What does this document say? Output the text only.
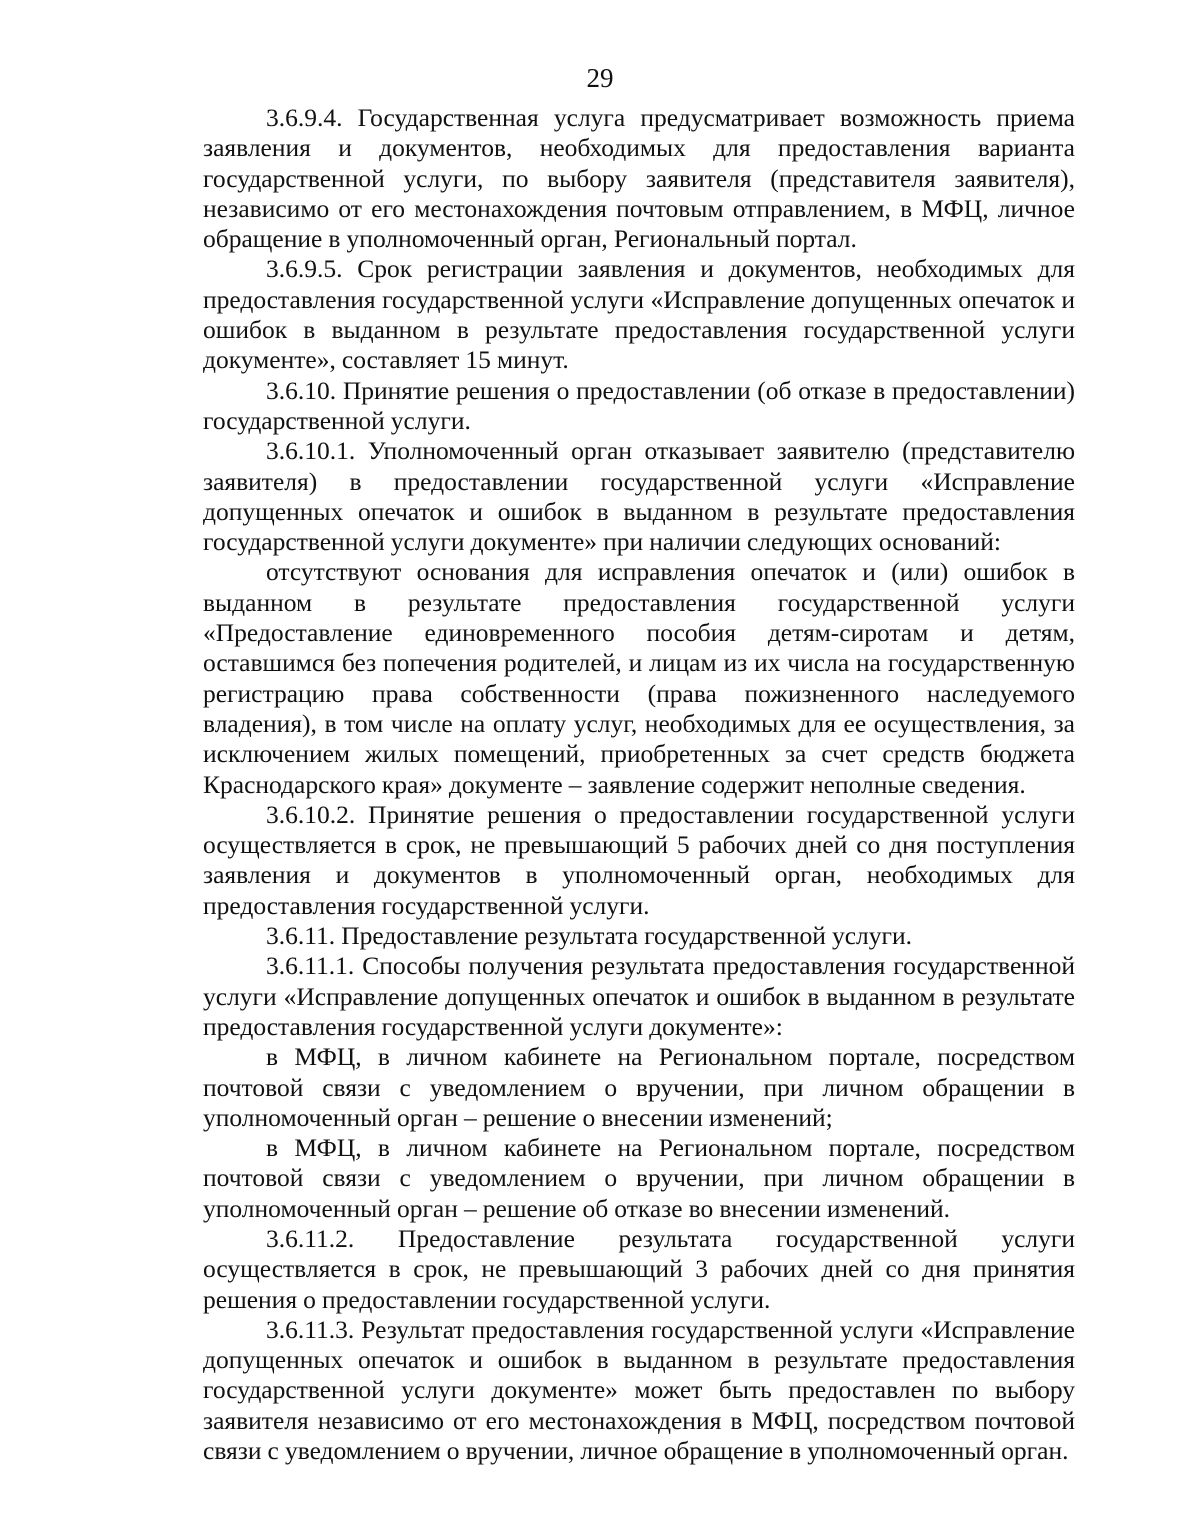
29

3.6.9.4. Государственная услуга предусматривает возможность приема заявления и документов, необходимых для предоставления варианта государственной услуги, по выбору заявителя (представителя заявителя), независимо от его местонахождения почтовым отправлением, в МФЦ, личное обращение в уполномоченный орган, Региональный портал.

3.6.9.5. Срок регистрации заявления и документов, необходимых для предоставления государственной услуги «Исправление допущенных опечаток и ошибок в выданном в результате предоставления государственной услуги документе», составляет 15 минут.

3.6.10. Принятие решения о предоставлении (об отказе в предоставлении) государственной услуги.

3.6.10.1. Уполномоченный орган отказывает заявителю (представителю заявителя) в предоставлении государственной услуги «Исправление допущенных опечаток и ошибок в выданном в результате предоставления государственной услуги документе» при наличии следующих оснований:

отсутствуют основания для исправления опечаток и (или) ошибок в выданном в результате предоставления государственной услуги «Предоставление единовременного пособия детям-сиротам и детям, оставшимся без попечения родителей, и лицам из их числа на государственную регистрацию права собственности (права пожизненного наследуемого владения), в том числе на оплату услуг, необходимых для ее осуществления, за исключением жилых помещений, приобретенных за счет средств бюджета Краснодарского края» документе – заявление содержит неполные сведения.

3.6.10.2. Принятие решения о предоставлении государственной услуги осуществляется в срок, не превышающий 5 рабочих дней со дня поступления заявления и документов в уполномоченный орган, необходимых для предоставления государственной услуги.

3.6.11. Предоставление результата государственной услуги.

3.6.11.1. Способы получения результата предоставления государственной услуги «Исправление допущенных опечаток и ошибок в выданном в результате предоставления государственной услуги документе»:

в МФЦ, в личном кабинете на Региональном портале, посредством почтовой связи с уведомлением о вручении, при личном обращении в уполномоченный орган – решение о внесении изменений;

в МФЦ, в личном кабинете на Региональном портале, посредством почтовой связи с уведомлением о вручении, при личном обращении в уполномоченный орган – решение об отказе во внесении изменений.

3.6.11.2. Предоставление результата государственной услуги осуществляется в срок, не превышающий 3 рабочих дней со дня принятия решения о предоставлении государственной услуги.

3.6.11.3. Результат предоставления государственной услуги «Исправление допущенных опечаток и ошибок в выданном в результате предоставления государственной услуги документе» может быть предоставлен по выбору заявителя независимо от его местонахождения в МФЦ, посредством почтовой связи с уведомлением о вручении, личное обращение в уполномоченный орган.
